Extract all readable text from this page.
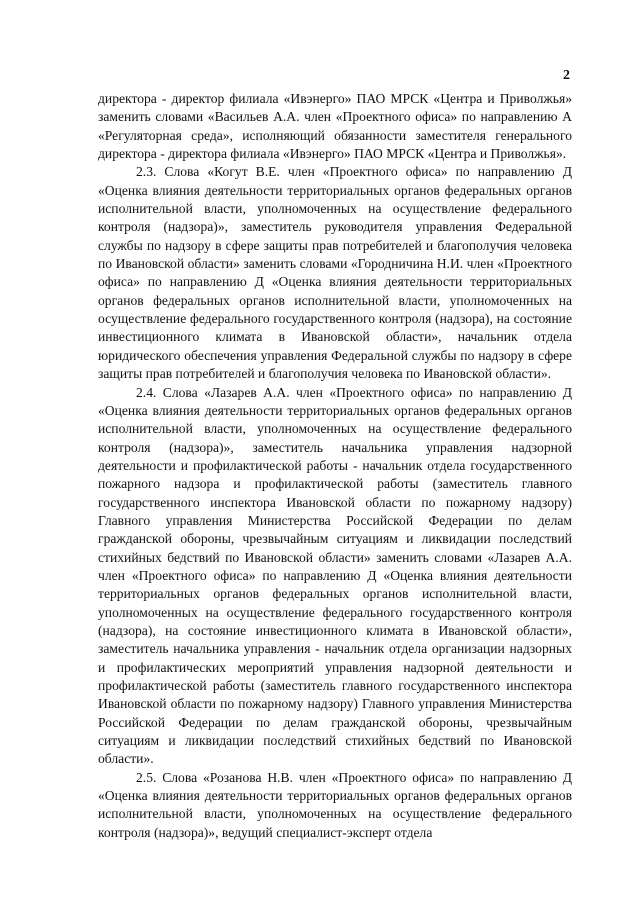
2

директора - директор филиала «Ивэнерго» ПАО МРСК «Центра и Приволжья» заменить словами «Васильев А.А. член «Проектного офиса» по направлению А «Регуляторная среда», исполняющий обязанности заместителя генерального директора - директора филиала «Ивэнерго» ПАО МРСК «Центра и Приволжья».

2.3. Слова «Когут В.Е. член «Проектного офиса» по направлению Д «Оценка влияния деятельности территориальных органов федеральных органов исполнительной власти, уполномоченных на осуществление федерального контроля (надзора)», заместитель руководителя управления Федеральной службы по надзору в сфере защиты прав потребителей и благополучия человека по Ивановской области» заменить словами «Городничина Н.И. член «Проектного офиса» по направлению Д «Оценка влияния деятельности территориальных органов федеральных органов исполнительной власти, уполномоченных на осуществление федерального государственного контроля (надзора), на состояние инвестиционного климата в Ивановской области», начальник отдела юридического обеспечения управления Федеральной службы по надзору в сфере защиты прав потребителей и благополучия человека по Ивановской области».

2.4. Слова «Лазарев А.А. член «Проектного офиса» по направлению Д «Оценка влияния деятельности территориальных органов федеральных органов исполнительной власти, уполномоченных на осуществление федерального контроля (надзора)», заместитель начальника управления надзорной деятельности и профилактической работы - начальник отдела государственного пожарного надзора и профилактической работы (заместитель главного государственного инспектора Ивановской области по пожарному надзору) Главного управления Министерства Российской Федерации по делам гражданской обороны, чрезвычайным ситуациям и ликвидации последствий стихийных бедствий по Ивановской области» заменить словами «Лазарев А.А. член «Проектного офиса» по направлению Д «Оценка влияния деятельности территориальных органов федеральных органов исполнительной власти, уполномоченных на осуществление федерального государственного контроля (надзора), на состояние инвестиционного климата в Ивановской области», заместитель начальника управления - начальник отдела организации надзорных и профилактических мероприятий управления надзорной деятельности и профилактической работы (заместитель главного государственного инспектора Ивановской области по пожарному надзору) Главного управления Министерства Российской Федерации по делам гражданской обороны, чрезвычайным ситуациям и ликвидации последствий стихийных бедствий по Ивановской области».

2.5. Слова «Розанова Н.В. член «Проектного офиса» по направлению Д «Оценка влияния деятельности территориальных органов федеральных органов исполнительной власти, уполномоченных на осуществление федерального контроля (надзора)», ведущий специалист-эксперт отдела
